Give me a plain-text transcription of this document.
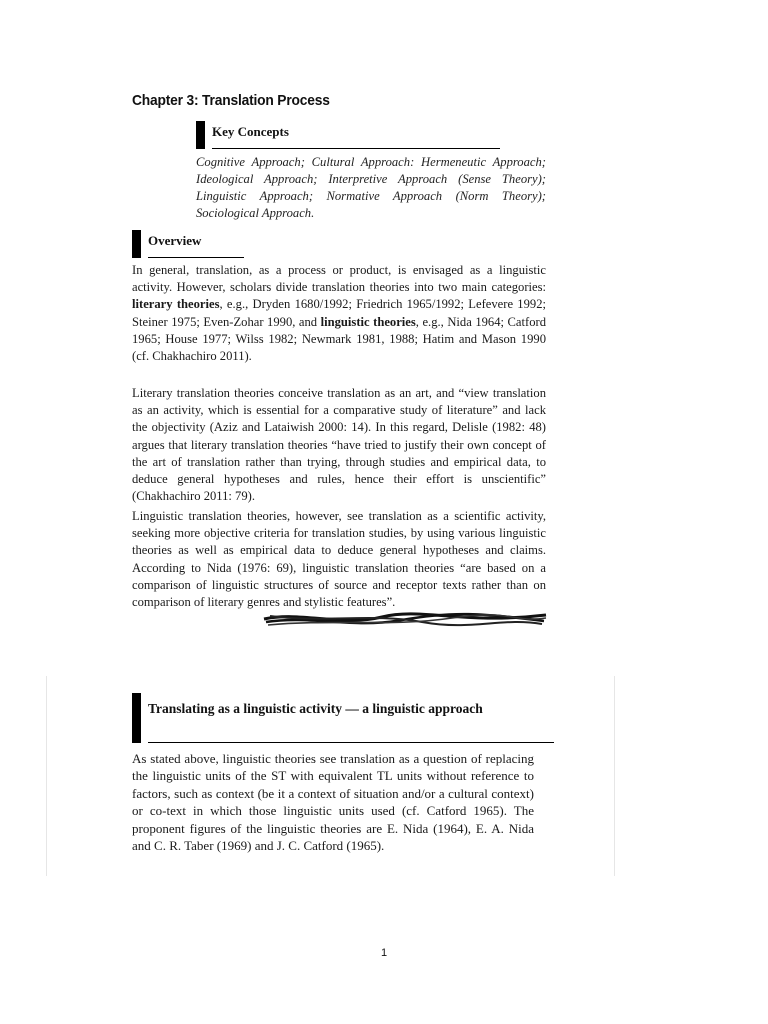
Chapter 3: Translation Process
Key Concepts

Cognitive Approach; Cultural Approach: Hermeneutic Approach; Ideological Approach; Interpretive Approach (Sense Theory); Linguistic Approach; Normative Approach (Norm Theory); Sociological Approach.

Overview

In general, translation, as a process or product, is envisaged as a linguistic activity. However, scholars divide translation theories into two main categories: literary theories, e.g., Dryden 1680/1992; Friedrich 1965/1992; Lefevere 1992; Steiner 1975; Even-Zohar 1990, and linguistic theories, e.g., Nida 1964; Catford 1965; House 1977; Wilss 1982; Newmark 1981, 1988; Hatim and Mason 1990 (cf. Chakhachiro 2011).

Literary translation theories conceive translation as an art, and “view translation as an activity, which is essential for a comparative study of literature” and lack the objectivity (Aziz and Lataiwish 2000: 14). In this regard, Delisle (1982: 48) argues that literary translation theories “have tried to justify their own concept of the art of translation rather than trying, through studies and empirical data, to deduce general hypotheses and rules, hence their effort is unscientific” (Chakhachiro 2011: 79).

Linguistic translation theories, however, see translation as a scientific activity, seeking more objective criteria for translation studies, by using various linguistic theories as well as empirical data to deduce general hypotheses and claims. According to Nida (1976: 69), linguistic translation theories “are based on a comparison of linguistic structures of source and receptor texts rather than on comparison of literary genres and stylistic features”.

Translating as a linguistic activity — a linguistic approach

As stated above, linguistic theories see translation as a question of replacing the linguistic units of the ST with equivalent TL units without reference to factors, such as context (be it a context of situation and/or a cultural context) or co-text in which those linguistic units used (cf. Catford 1965). The proponent figures of the linguistic theories are E. Nida (1964), E. A. Nida and C. R. Taber (1969) and J. C. Catford (1965).

1
